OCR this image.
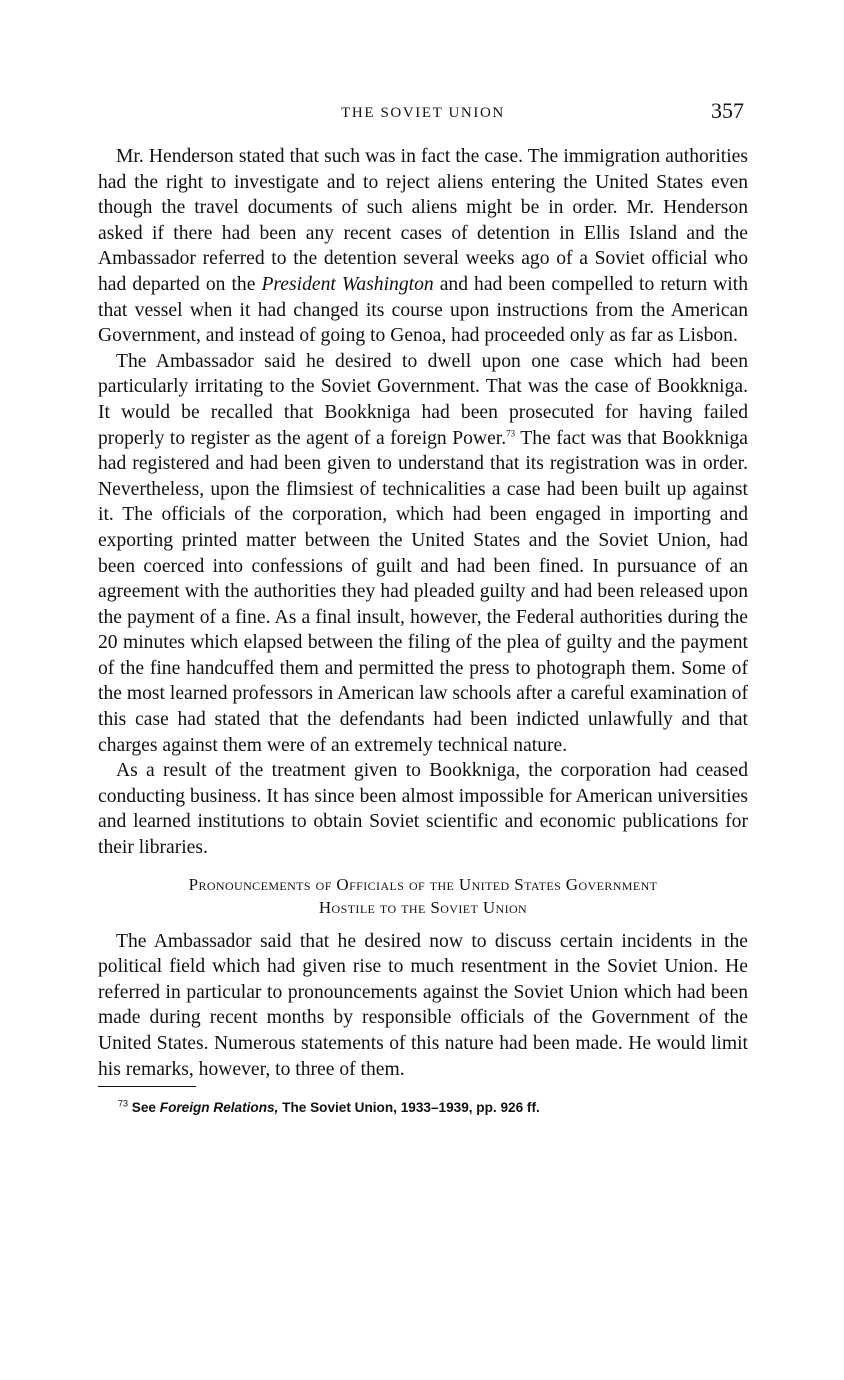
THE SOVIET UNION	357

Mr. Henderson stated that such was in fact the case. The immigration authorities had the right to investigate and to reject aliens entering the United States even though the travel documents of such aliens might be in order. Mr. Henderson asked if there had been any recent cases of detention in Ellis Island and the Ambassador referred to the detention several weeks ago of a Soviet official who had departed on the President Washington and had been compelled to return with that vessel when it had changed its course upon instructions from the American Government, and instead of going to Genoa, had proceeded only as far as Lisbon.

The Ambassador said he desired to dwell upon one case which had been particularly irritating to the Soviet Government. That was the case of Bookkniga. It would be recalled that Bookkniga had been prosecuted for having failed properly to register as the agent of a foreign Power.$^{73}$ The fact was that Bookkniga had registered and had been given to understand that its registration was in order. Nevertheless, upon the flimsiest of technicalities a case had been built up against it. The officials of the corporation, which had been engaged in importing and exporting printed matter between the United States and the Soviet Union, had been coerced into confessions of guilt and had been fined. In pursuance of an agreement with the authorities they had pleaded guilty and had been released upon the payment of a fine. As a final insult, however, the Federal authorities during the 20 minutes which elapsed between the filing of the plea of guilty and the payment of the fine handcuffed them and permitted the press to photograph them. Some of the most learned professors in American law schools after a careful examination of this case had stated that the defendants had been indicted unlawfully and that charges against them were of an extremely technical nature.

As a result of the treatment given to Bookkniga, the corporation had ceased conducting business. It has since been almost impossible for American universities and learned institutions to obtain Soviet scientific and economic publications for their libraries.

Pronouncements of Officials of the United States Government
Hostile to the Soviet Union

The Ambassador said that he desired now to discuss certain incidents in the political field which had given rise to much resentment in the Soviet Union. He referred in particular to pronouncements against the Soviet Union which had been made during recent months by responsible officials of the Government of the United States. Numerous statements of this nature had been made. He would limit his remarks, however, to three of them.

$^{73}$ See Foreign Relations, The Soviet Union, 1933–1939, pp. 926 ff.
